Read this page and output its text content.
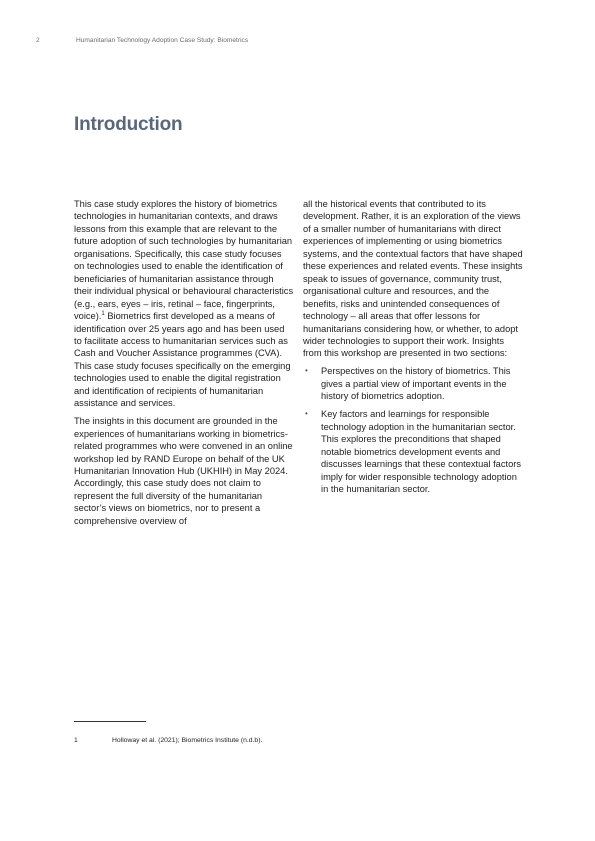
2	Humanitarian Technology Adoption Case Study: Biometrics
Introduction

This case study explores the history of biometrics technologies in humanitarian contexts, and draws lessons from this example that are relevant to the future adoption of such technologies by humanitarian organisations. Specifically, this case study focuses on technologies used to enable the identification of beneficiaries of humanitarian assistance through their individual physical or behavioural characteristics (e.g., ears, eyes – iris, retinal – face, fingerprints, voice).$^1$ Biometrics first developed as a means of identification over 25 years ago and has been used to facilitate access to humanitarian services such as Cash and Voucher Assistance programmes (CVA). This case study focuses specifically on the emerging technologies used to enable the digital registration and identification of recipients of humanitarian assistance and services.

The insights in this document are grounded in the experiences of humanitarians working in biometrics-related programmes who were convened in an online workshop led by RAND Europe on behalf of the UK Humanitarian Innovation Hub (UKHIH) in May 2024. Accordingly, this case study does not claim to represent the full diversity of the humanitarian sector’s views on biometrics, nor to present a comprehensive overview of

all the historical events that contributed to its development. Rather, it is an exploration of the views of a smaller number of humanitarians with direct experiences of implementing or using biometrics systems, and the contextual factors that have shaped these experiences and related events. These insights speak to issues of governance, community trust, organisational culture and resources, and the benefits, risks and unintended consequences of technology – all areas that offer lessons for humanitarians considering how, or whether, to adopt wider technologies to support their work. Insights from this workshop are presented in two sections:

• Perspectives on the history of biometrics. This gives a partial view of important events in the history of biometrics adoption.
• Key factors and learnings for responsible technology adoption in the humanitarian sector. This explores the preconditions that shaped notable biometrics development events and discusses learnings that these contextual factors imply for wider responsible technology adoption in the humanitarian sector.
1	Holloway et al. (2021); Biometrics Institute (n.d.b).
